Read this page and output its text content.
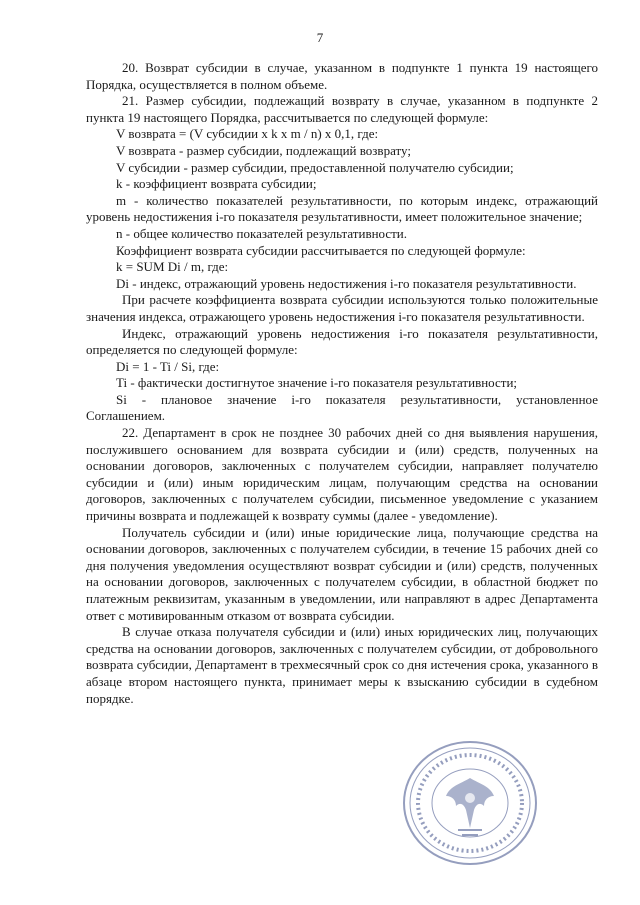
7

20. Возврат субсидии в случае, указанном в подпункте 1 пункта 19 настоящего Порядка, осуществляется в полном объеме.

21. Размер субсидии, подлежащий возврату в случае, указанном в подпункте 2 пункта 19 настоящего Порядка, рассчитывается по следующей формуле:

V возврата = (V субсидии x k x m / n) x 0,1, где:

V возврата - размер субсидии, подлежащий возврату;

V субсидии - размер субсидии, предоставленной получателю субсидии;

k - коэффициент возврата субсидии;

m - количество показателей результативности, по которым индекс, отражающий уровень недостижения i-го показателя результативности, имеет положительное значение;

n - общее количество показателей результативности.

Коэффициент возврата субсидии рассчитывается по следующей формуле:

k = SUM Di / m, где:

Di - индекс, отражающий уровень недостижения i-го показателя результативности.

При расчете коэффициента возврата субсидии используются только положительные значения индекса, отражающего уровень недостижения i-го показателя результативности.

Индекс, отражающий уровень недостижения i-го показателя результативности, определяется по следующей формуле:

Di = 1 - Ti / Si, где:

Ti - фактически достигнутое значение i-го показателя результативности;

Si - плановое значение i-го показателя результативности, установленное Соглашением.

22. Департамент в срок не позднее 30 рабочих дней со дня выявления нарушения, послужившего основанием для возврата субсидии и (или) средств, полученных на основании договоров, заключенных с получателем субсидии, направляет получателю субсидии и (или) иным юридическим лицам, получающим средства на основании договоров, заключенных с получателем субсидии, письменное уведомление с указанием причины возврата и подлежащей к возврату суммы (далее - уведомление).

Получатель субсидии и (или) иные юридические лица, получающие средства на основании договоров, заключенных с получателем субсидии, в течение 15 рабочих дней со дня получения уведомления осуществляют возврат субсидии и (или) средств, полученных на основании договоров, заключенных с получателем субсидии, в областной бюджет по платежным реквизитам, указанным в уведомлении, или направляют в адрес Департамента ответ с мотивированным отказом от возврата субсидии.

В случае отказа получателя субсидии и (или) иных юридических лиц, получающих средства на основании договоров, заключенных с получателем субсидии, от добровольного возврата субсидии, Департамент в трехмесячный срок со дня истечения срока, указанного в абзаце втором настоящего пункта, принимает меры к взысканию субсидии в судебном порядке.
